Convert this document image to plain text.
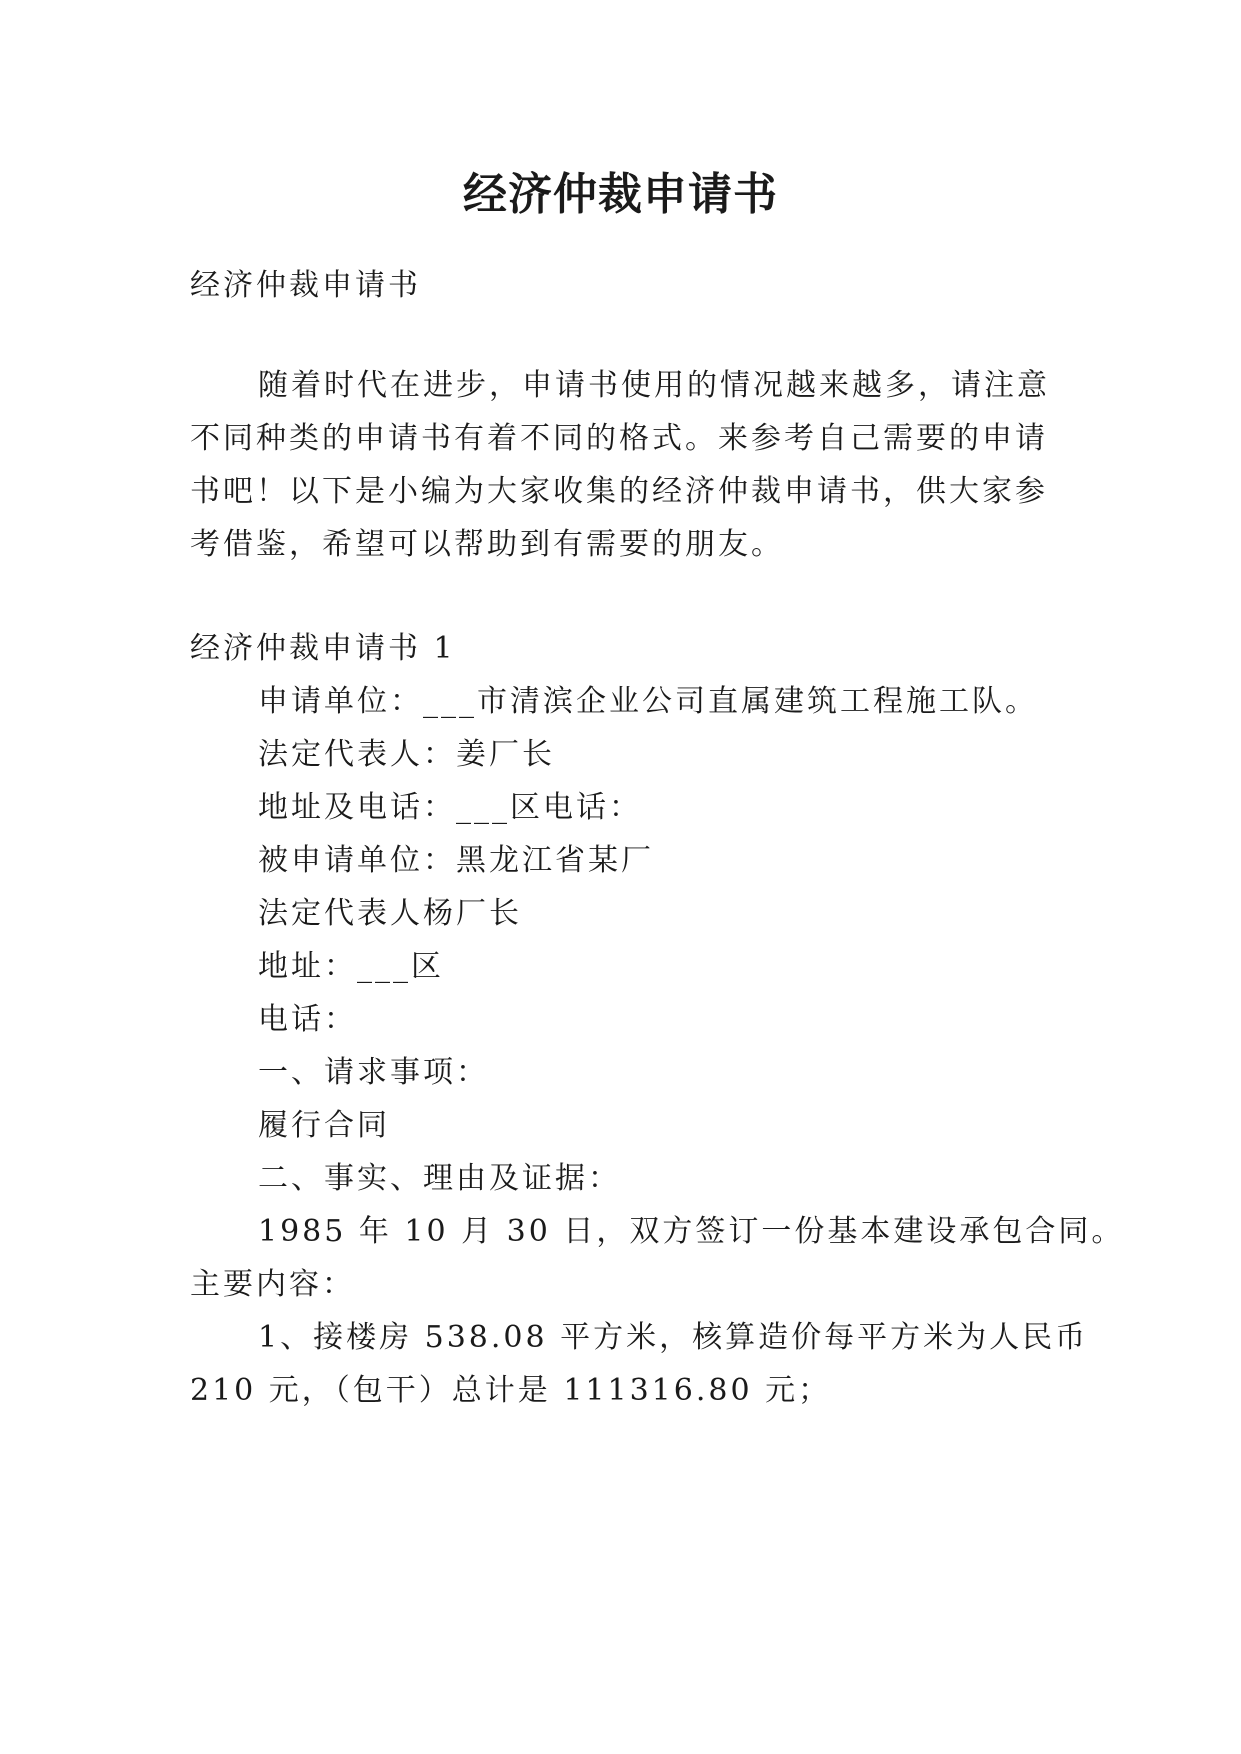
经济仲裁申请书

经济仲裁申请书

随着时代在进步，申请书使用的情况越来越多，请注意

不同种类的申请书有着不同的格式。来参考自己需要的申请

书吧！以下是小编为大家收集的经济仲裁申请书，供大家参

考借鉴，希望可以帮助到有需要的朋友。

经济仲裁申请书 1

申请单位：___市清滨企业公司直属建筑工程施工队。

法定代表人：姜厂长

地址及电话：___区电话：

被申请单位：黑龙江省某厂

法定代表人杨厂长

地址：___区

电话：

一、请求事项：

履行合同

二、事实、理由及证据：

1985 年 10 月 30 日，双方签订一份基本建设承包合同。

主要内容：

1、接楼房 538.08 平方米，核算造价每平方米为人民币

210 元，（包干）总计是 111316.80 元；
